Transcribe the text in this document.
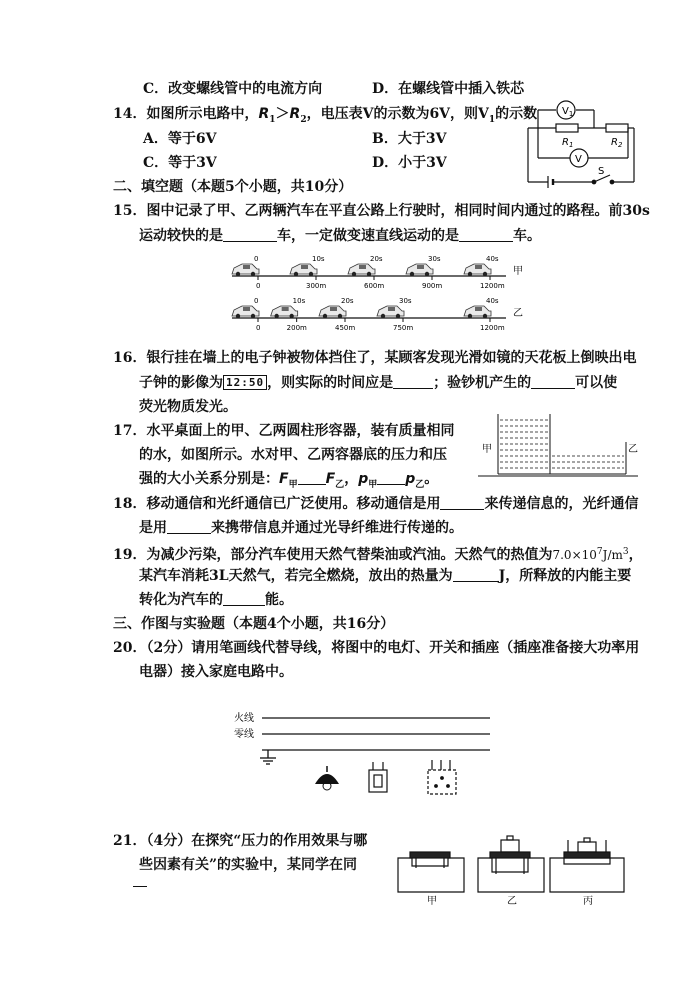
C．改变螺线管中的电流方向	D．在螺线管中插入铁芯
14．如图所示电路中，$R_1>R_2$，电压表V的示数为6V，则$V_1$的示数
A．等于6V	B．大于3V
C．等于3V	D．小于3V
$V_1$
V
$R_1$	$R_2$
S
二、填空题（本题5个小题，共10分）
15．图中记录了甲、乙两辆汽车在平直公路上行驶时，相同时间内通过的路程。前30s
运动较快的是	车，一定做变速直线运动的是	车。
0
0
10s
300m
20s
600m
30s
900m
40s
1200m
0
0
10s
200m
20s
450m
30s
750m
40s
1200m
甲
乙
16．银行挂在墙上的电子钟被物体挡住了，某顾客发现光滑如镜的天花板上倒映出电
子钟的影像为 12:50 ，则实际的时间应是	；验钞机产生的	可以使
荧光物质发光。
17．水平桌面上的甲、乙两圆柱形容器，装有质量相同
的水，如图所示。水对甲、乙两容器底的压力和压
强的大小关系分别是：$F_甲$ $F_乙$，$p_甲$ $p_乙$。
甲	乙
18．移动通信和光纤通信已广泛使用。移动通信是用	来传递信息的，光纤通信
是用	来携带信息并通过光导纤维进行传递的。
19．为减少污染，部分汽车使用天然气替柴油或汽油。天然气的热值为$7.0\times 10^7J/m^3$，
某汽车消耗3L天然气，若完全燃烧，放出的热量为	J，所释放的内能主要
转化为汽车的	能。
三、作图与实验题（本题4个小题，共16分）
20．（2分）请用笔画线代替导线，将图中的电灯、开关和插座（插座准备接大功率用
电器）接入家庭电路中。
火线
零线
21．（4分）在探究“压力的作用效果与哪
些因素有关”的实验中，某同学在同
甲	乙	丙
